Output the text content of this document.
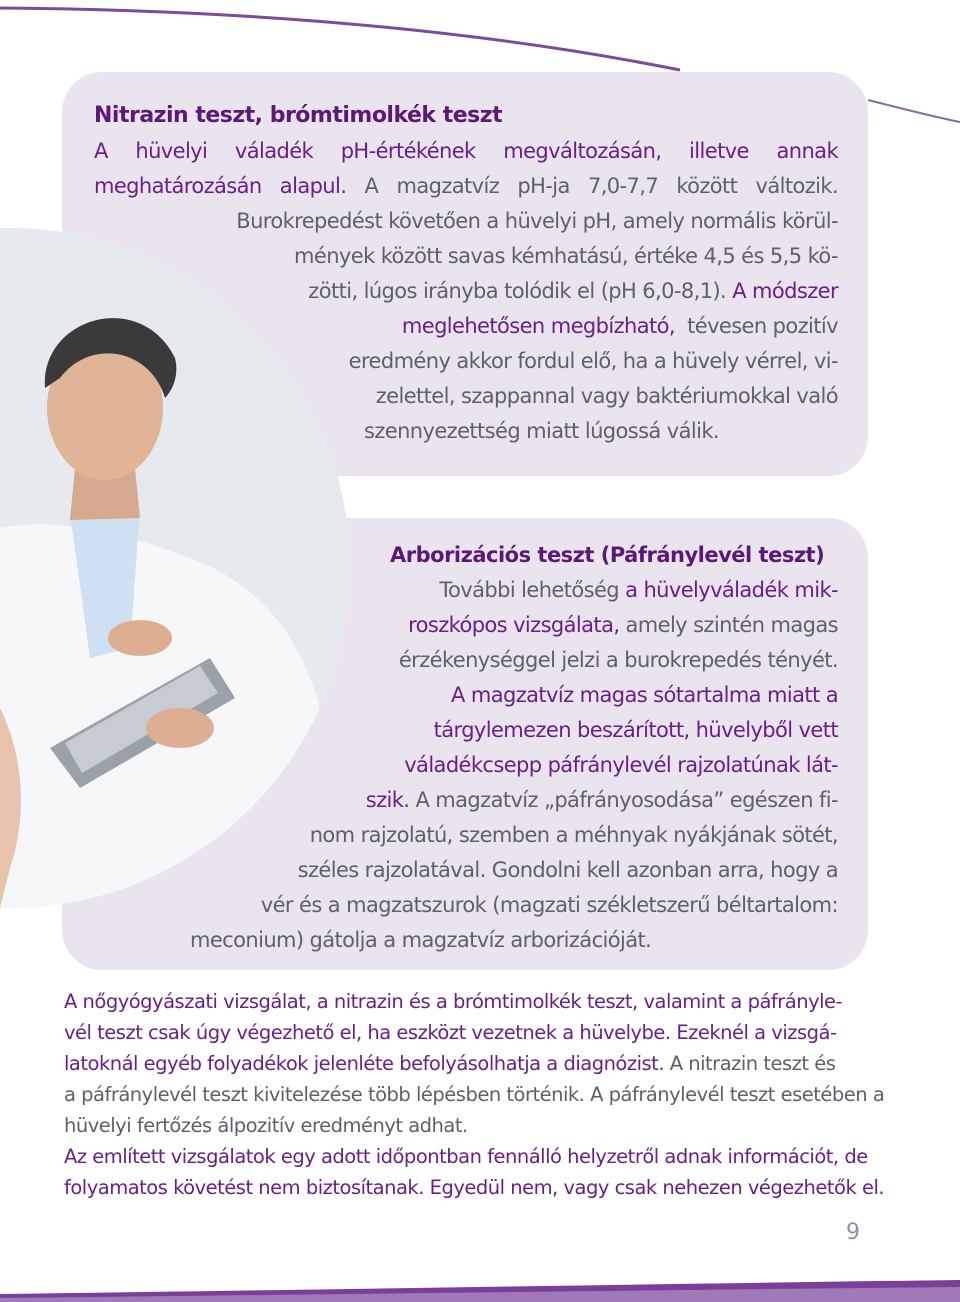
Nitrazin teszt, brómtimolkék teszt
A hüvelyi váladék pH-értékének megváltozásán, illetve annak
meghatározásán alapul. A magzatvíz pH-ja 7,0-7,7 között változik.
Burokrepedést követően a hüvelyi pH, amely normális körül-
mények között savas kémhatású, értéke 4,5 és 5,5 kö-
zötti, lúgos irányba tolódik el (pH 6,0-8,1). A módszer
meglehetősen megbízható, tévesen pozitív
eredmény akkor fordul elő, ha a hüvely vérrel, vi-
zelettel, szappannal vagy baktériumokkal való
szennyezettség miatt lúgossá válik.
Arborizációs teszt (Páfránylevél teszt)
További lehetőség a hüvelyváladék mik-
roszkópos vizsgálata, amely szintén magas
érzékenységgel jelzi a burokrepedés tényét.
A magzatvíz magas sótartalma miatt a
tárgylemezen beszárított, hüvelyből vett
váladékcsepp páfránylevél rajzolatúnak lát-
szik. A magzatvíz „páfrányosodása” egészen fi-
nom rajzolatú, szemben a méhnyak nyákjának sötét,
széles rajzolatával. Gondolni kell azonban arra, hogy a
vér és a magzatszurok (magzati székletszerű béltartalom:
meconium) gátolja a magzatvíz arborizációját.
A nőgyógyászati vizsgálat, a nitrazin és a brómtimolkék teszt, valamint a páfrányle-
vél teszt csak úgy végezhető el, ha eszközt vezetnek a hüvelybe. Ezeknél a vizsgá-
latoknál egyéb folyadékok jelenléte befolyásolhatja a diagnózist. A nitrazin teszt és
a páfránylevél teszt kivitelezése több lépésben történik. A páfránylevél teszt esetében a
hüvelyi fertőzés álpozitív eredményt adhat.
Az említett vizsgálatok egy adott időpontban fennálló helyzetről adnak információt, de
folyamatos követést nem biztosítanak. Egyedül nem, vagy csak nehezen végezhetők el.
9
